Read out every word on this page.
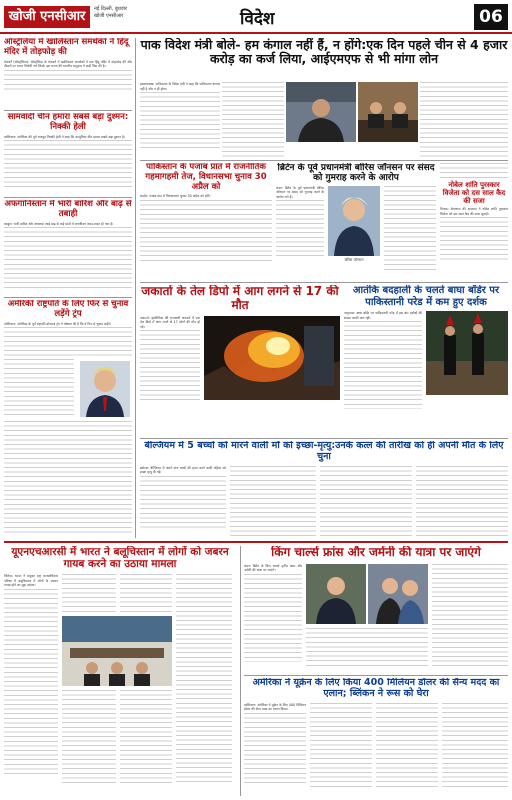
खोजी एनसीआर	नई दिल्ली, बुधवार
खोजी एनसीआर	विदेश	06
ऑस्ट्रेलिया में खालिस्तान समर्थकों ने हिंदू मंदिर में तोड़फोड़ की
मेलबर्न (ऑस्ट्रेलिया): ऑस्ट्रेलिया के मेलबर्न में खालिस्तान समर्थकों ने एक हिंदू मंदिर में तोड़फोड़ की और दीवारों पर भारत विरोधी नारे लिखे। इस घटना की भारतीय समुदाय ने कड़ी निंदा की है।
सामवादी चीन हमारा सबसे बड़ा दुश्मन: निक्की हेली
वाशिंगटन: अमेरिका की पूर्व राजदूत निक्की हेली ने कहा कि कम्युनिस्ट चीन हमारा सबसे बड़ा दुश्मन है।
अफगानिस्तान में भारी बारिश और बाढ़ से तबाही
काबुल: भारी बारिश और अचानक आई बाढ़ से कई प्रांतों में जनजीवन अस्त-व्यस्त हो गया है।
अमेरिकी राष्ट्रपति के लिए फिर से चुनाव लड़ेंगे ट्रंप
वाशिंगटन: अमेरिका के पूर्व राष्ट्रपति डोनाल्ड ट्रंप ने घोषणा की है कि वे फिर से चुनाव लड़ेंगे।
पाक विदेश मंत्री बोले- हम कंगाल नहीं हैं, न होंगे:एक दिन पहले चीन से 4 हजार करोड़ का कर्ज लिया, आईएमएफ से भी मांगा लोन
इस्लामाबाद: पाकिस्तान के विदेश मंत्री ने कहा कि पाकिस्तान कंगाल नहीं है और न ही होगा।
पाकिस्तान के पंजाब प्रांत में राजनीतिक गहमागहमी तेज, विधानसभा चुनाव 30 अप्रैल को
लाहौर: पंजाब प्रांत में विधानसभा चुनाव 30 अप्रैल को होंगे।
ब्रिटेन के पूर्व प्रधानमंत्री बोरिस जॉनसन पर संसद को गुमराह करने के आरोप
लंदन: ब्रिटेन के पूर्व प्रधानमंत्री बोरिस जॉनसन पर संसद को गुमराह करने के आरोप लगे हैं।
बोरिस जॉनसन
नोबेल शांति पुरस्कार विजेता को दस साल कैद की सजा
मिन्स्क: बेलारूस की अदालत ने नोबेल शांति पुरस्कार विजेता को दस साल कैद की सजा सुनाई।
जकार्ता के तेल डिपो में आग लगने से 17 की मौत
जकार्ता: इंडोनेशिया की राजधानी जकार्ता में एक तेल डिपो में आग लगने से 17 लोगों की मौत हो गई।
आतंकि बदहाली के चलते बाघा बॉर्डर पर पाकिस्तानी परेड में कम हुए दर्शक
अमृतसर: बाघा बॉर्डर पर पाकिस्तानी परेड में इस बार दर्शकों की संख्या काफी कम रही।
बेल्जियम में 5 बच्चों को मारने वाली माँ को इच्छा-मृत्यु:उनके कत्ल की तारीख को ही अपनी मौत के लिए चुना
ब्रसेल्स: बेल्जियम में अपने पांच बच्चों की हत्या करने वाली महिला को इच्छा मृत्यु दी गई।
यूएनएचआरसी में भारत ने बलूचिस्तान में लोगों को जबरन गायब करने का उठाया मामला
जिनेवा: भारत ने संयुक्त राष्ट्र मानवाधिकार परिषद में बलूचिस्तान में लोगों के जबरन गायब होने का मुद्दा उठाया।
किंग चार्ल्स फ्रांस और जर्मनी की यात्रा पर जाएंगे
लंदन: ब्रिटेन के किंग चार्ल्स तृतीय फ्रांस और जर्मनी की यात्रा पर जाएंगे।
अमेरिका ने यूक्रेन के लिए किया 400 मिलियन डॉलर की सैन्य मदद का एलान; ब्लिंकन ने रूस को घेरा
वाशिंगटन: अमेरिका ने यूक्रेन के लिए 400 मिलियन डॉलर की सैन्य मदद का एलान किया।
